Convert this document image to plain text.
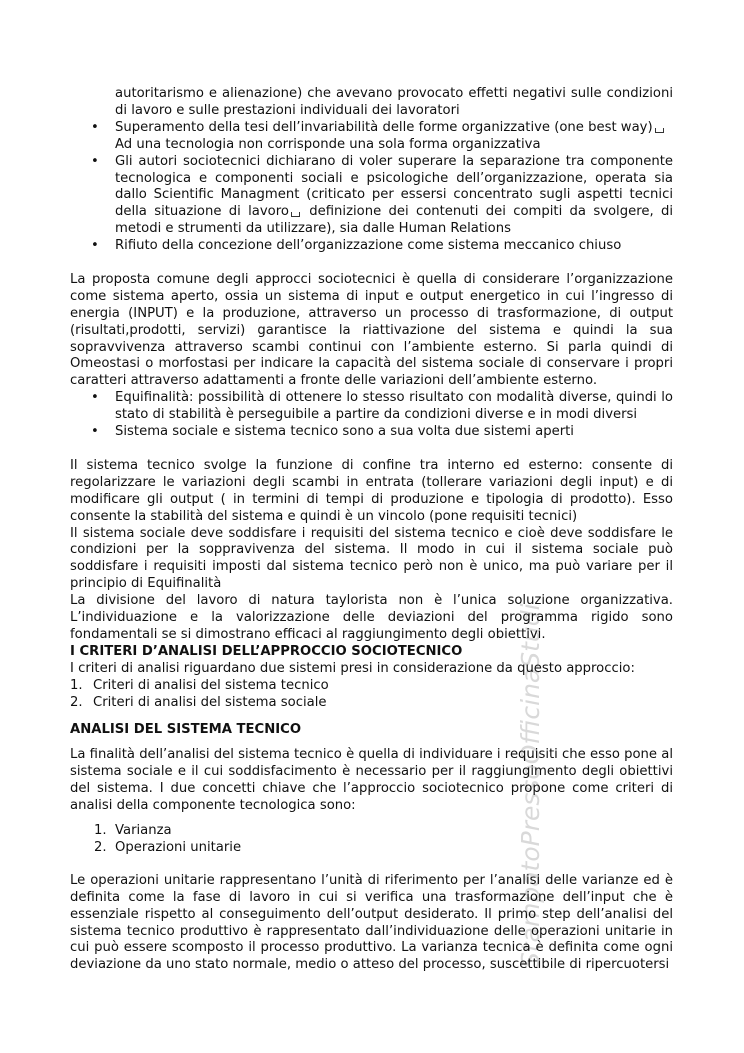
StampatoPressoOfficinaStudi
autoritarismo e alienazione) che avevano provocato effetti negativi sulle condizioni di lavoro e sulle prestazioni individuali dei lavoratori
• Superamento della tesi dell’invariabilità delle forme organizzative (one best way)
Ad una tecnologia non corrisponde una sola forma organizzativa
• Gli autori sociotecnici dichiarano di voler superare la separazione tra componente tecnologica e componenti sociali e psicologiche dell’organizzazione, operata sia dallo Scientific Managment (criticato per essersi concentrato sugli aspetti tecnici della situazione di lavoro definizione dei contenuti dei compiti da svolgere, di metodi e strumenti da utilizzare), sia dalle Human Relations
• Rifiuto della concezione dell’organizzazione come sistema meccanico chiuso
La proposta comune degli approcci sociotecnici è quella di considerare l’organizzazione come sistema aperto, ossia un sistema di input e output energetico in cui l’ingresso di energia (INPUT) e la produzione, attraverso un processo di trasformazione, di output (risultati,prodotti, servizi) garantisce la riattivazione del sistema e quindi la sua sopravvivenza attraverso scambi continui con l’ambiente esterno. Si parla quindi di Omeostasi o morfostasi per indicare la capacità del sistema sociale di conservare i propri caratteri attraverso adattamenti a fronte delle variazioni dell’ambiente esterno.
• Equifinalità: possibilità di ottenere lo stesso risultato con modalità diverse, quindi lo stato di stabilità è perseguibile a partire da condizioni diverse e in modi diversi
• Sistema sociale e sistema tecnico sono a sua volta due sistemi aperti
Il sistema tecnico svolge la funzione di confine tra interno ed esterno: consente di regolarizzare le variazioni degli scambi in entrata (tollerare variazioni degli input) e di modificare gli output ( in termini di tempi di produzione e tipologia di prodotto). Esso consente la stabilità del sistema e quindi è un vincolo (pone requisiti tecnici)
Il sistema sociale deve soddisfare i requisiti del sistema tecnico e cioè deve soddisfare le condizioni per la soppravivenza del sistema. Il modo in cui il sistema sociale può soddisfare i requisiti imposti dal sistema tecnico però non è unico, ma può variare per il principio di Equifinalità
La divisione del lavoro di natura taylorista non è l’unica soluzione organizzativa. L’individuazione e la valorizzazione delle deviazioni del programma rigido sono fondamentali se si dimostrano efficaci al raggiungimento degli obiettivi.
I CRITERI D’ANALISI DELL’APPROCCIO SOCIOTECNICO
I criteri di analisi riguardano due sistemi presi in considerazione da questo approccio:
1. Criteri di analisi del sistema tecnico
2. Criteri di analisi del sistema sociale
ANALISI DEL SISTEMA TECNICO
La finalità dell’analisi del sistema tecnico è quella di individuare i requisiti che esso pone al sistema sociale e il cui soddisfacimento è necessario per il raggiungimento degli obiettivi del sistema. I due concetti chiave che l’approccio sociotecnico propone come criteri di analisi della componente tecnologica sono:
1. Varianza
2. Operazioni unitarie
Le operazioni unitarie rappresentano l’unità di riferimento per l’analisi delle varianze ed è definita come la fase di lavoro in cui si verifica una trasformazione dell’input che è essenziale rispetto al conseguimento dell’output desiderato. Il primo step dell’analisi del sistema tecnico produttivo è rappresentato dall’individuazione delle operazioni unitarie in cui può essere scomposto il processo produttivo. La varianza tecnica è definita come ogni deviazione da uno stato normale, medio o atteso del processo, suscettibile di ripercuotersi
